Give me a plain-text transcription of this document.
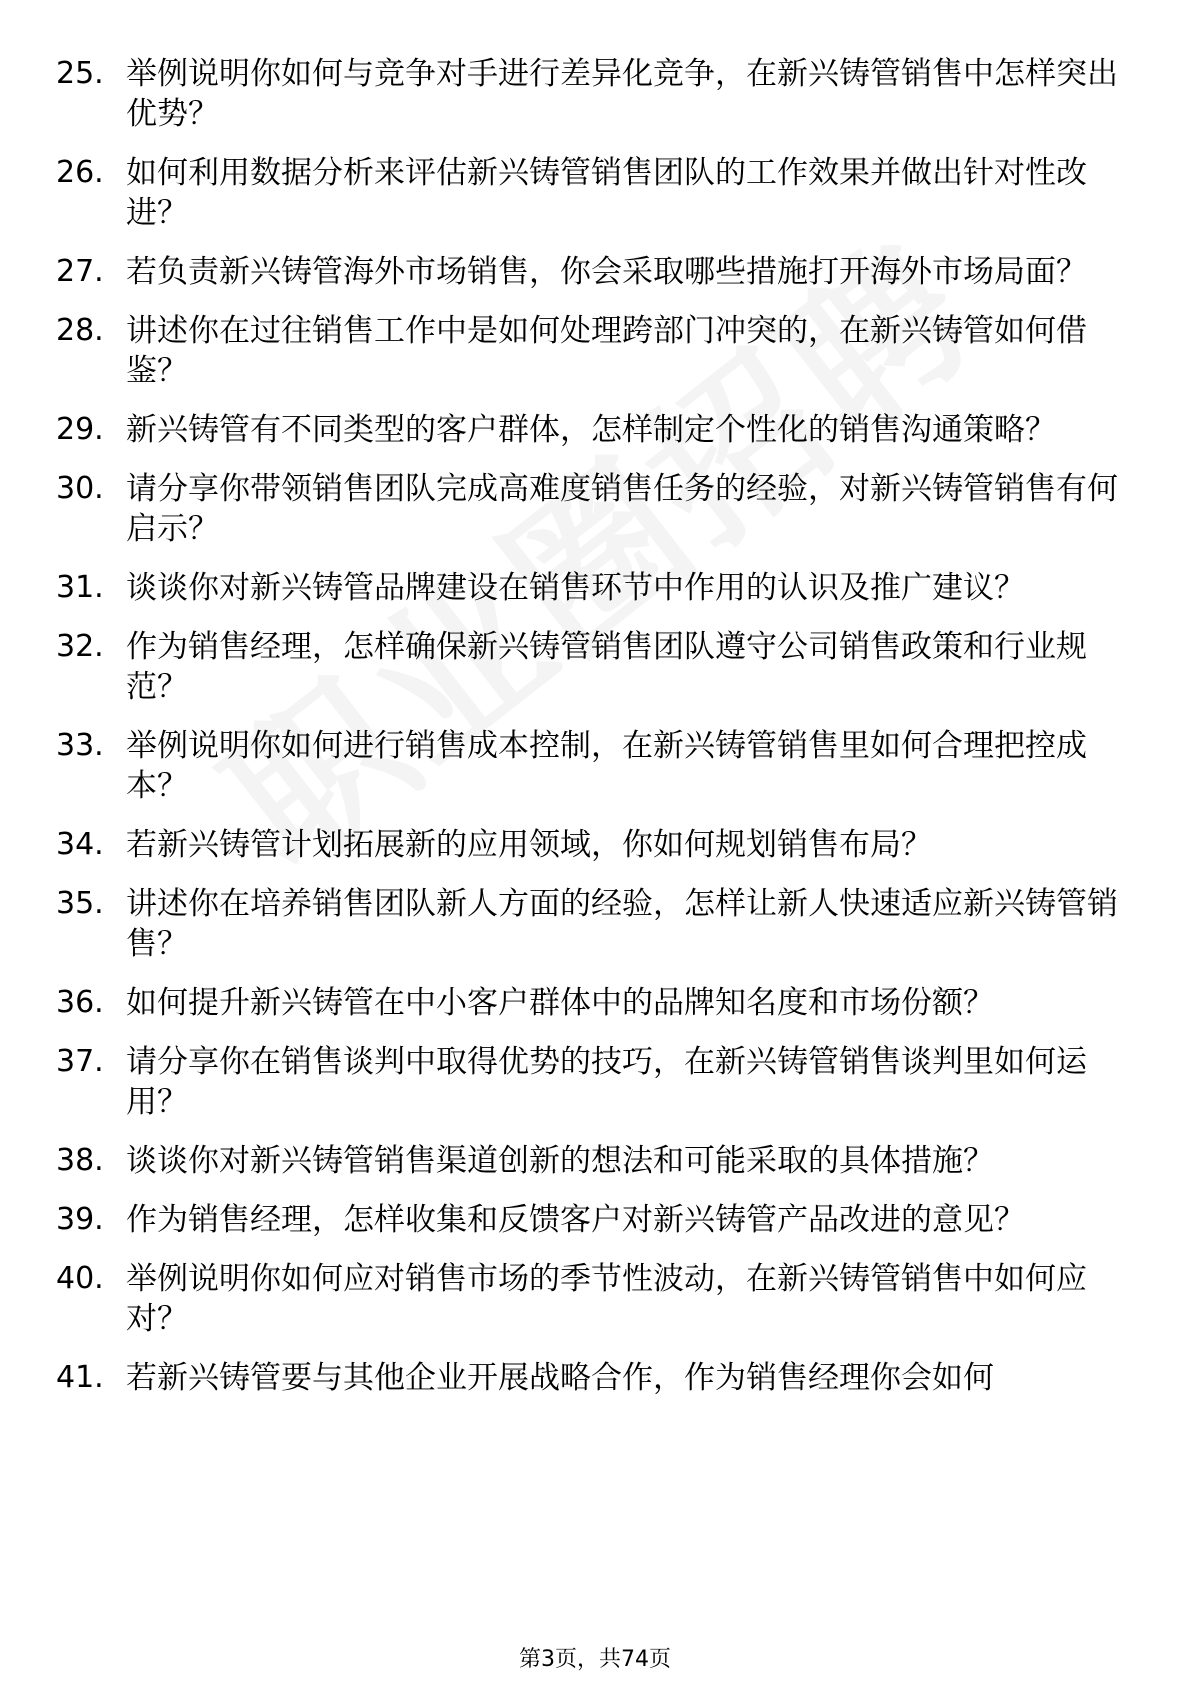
25. 举例说明你如何与竞争对手进行差异化竞争，在新兴铸管销售中怎样突出优势？
26. 如何利用数据分析来评估新兴铸管销售团队的工作效果并做出针对性改进？
27. 若负责新兴铸管海外市场销售，你会采取哪些措施打开海外市场局面？
28. 讲述你在过往销售工作中是如何处理跨部门冲突的，在新兴铸管如何借鉴？
29. 新兴铸管有不同类型的客户群体，怎样制定个性化的销售沟通策略？
30. 请分享你带领销售团队完成高难度销售任务的经验，对新兴铸管销售有何启示？
31. 谈谈你对新兴铸管品牌建设在销售环节中作用的认识及推广建议？
32. 作为销售经理，怎样确保新兴铸管销售团队遵守公司销售政策和行业规范？
33. 举例说明你如何进行销售成本控制，在新兴铸管销售里如何合理把控成本？
34. 若新兴铸管计划拓展新的应用领域，你如何规划销售布局？
35. 讲述你在培养销售团队新人方面的经验，怎样让新人快速适应新兴铸管销售？
36. 如何提升新兴铸管在中小客户群体中的品牌知名度和市场份额？
37. 请分享你在销售谈判中取得优势的技巧，在新兴铸管销售谈判里如何运用？
38. 谈谈你对新兴铸管销售渠道创新的想法和可能采取的具体措施？
39. 作为销售经理，怎样收集和反馈客户对新兴铸管产品改进的意见？
40. 举例说明你如何应对销售市场的季节性波动，在新兴铸管销售中如何应对？
41. 若新兴铸管要与其他企业开展战略合作，作为销售经理你会如何
第3页，共74页
